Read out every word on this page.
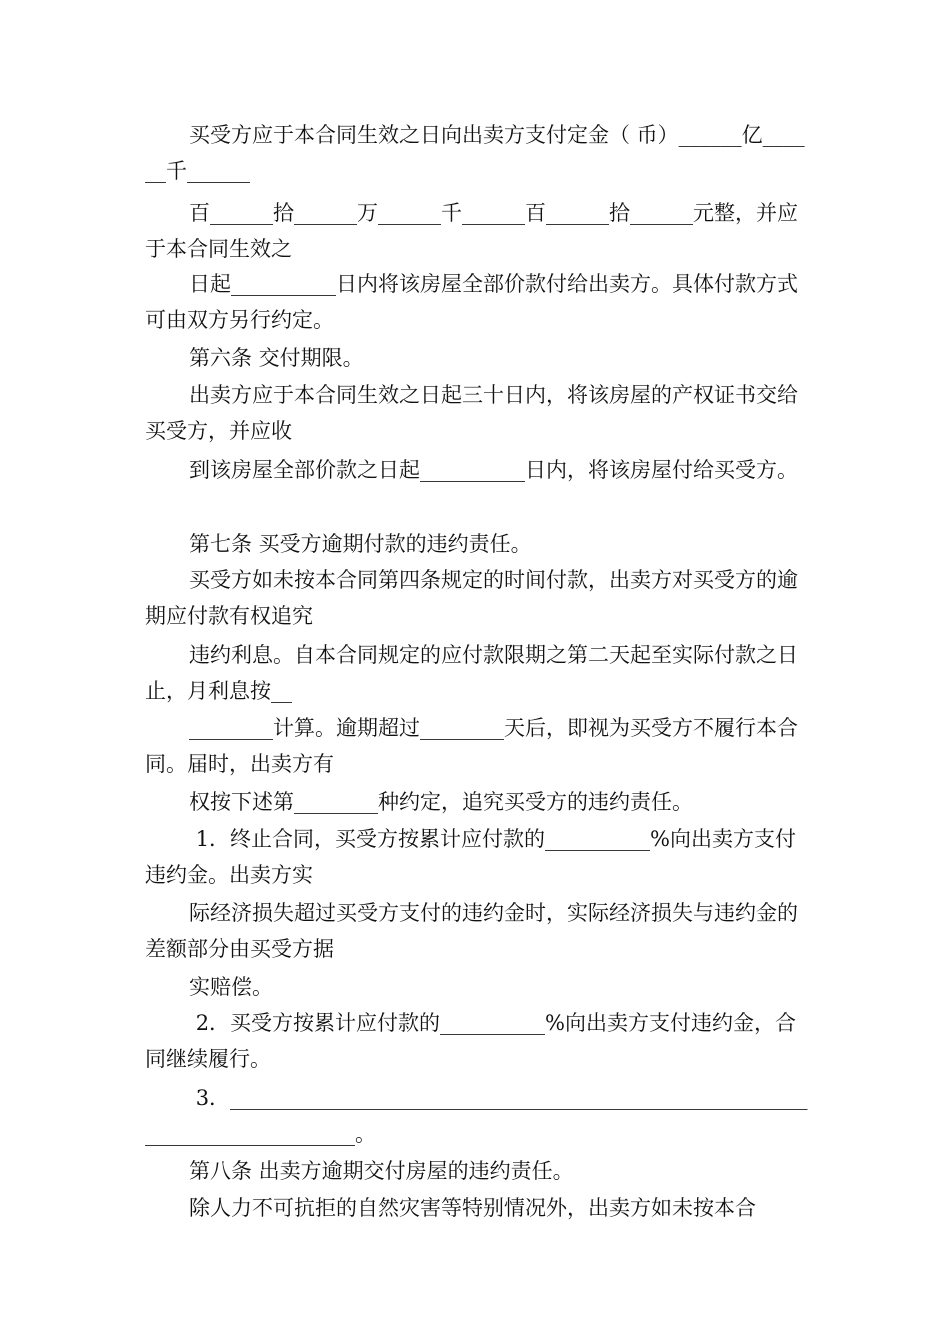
买受方应于本合同生效之日向出卖方支付定金（ 币）______亿______千______

百______拾______万______千______百______拾______元整，并应于本合同生效之

日起__________日内将该房屋全部价款付给出卖方。具体付款方式可由双方另行约定。

第六条 交付期限。

出卖方应于本合同生效之日起三十日内，将该房屋的产权证书交给买受方，并应收

到该房屋全部价款之日起__________日内，将该房屋付给买受方。

第七条 买受方逾期付款的违约责任。

买受方如未按本合同第四条规定的时间付款，出卖方对买受方的逾期应付款有权追究

违约利息。自本合同规定的应付款限期之第二天起至实际付款之日止，月利息按__

________计算。逾期超过________天后，即视为买受方不履行本合同。届时，出卖方有

权按下述第________种约定，追究买受方的违约责任。

1．终止合同，买受方按累计应付款的__________%向出卖方支付违约金。出卖方实

际经济损失超过买受方支付的违约金时，实际经济损失与违约金的差额部分由买受方据

实赔偿。

2．买受方按累计应付款的__________%向出卖方支付违约金，合同继续履行。

3．___________________________________________________________________________。

第八条 出卖方逾期交付房屋的违约责任。

除人力不可抗拒的自然灾害等特别情况外，出卖方如未按本合
